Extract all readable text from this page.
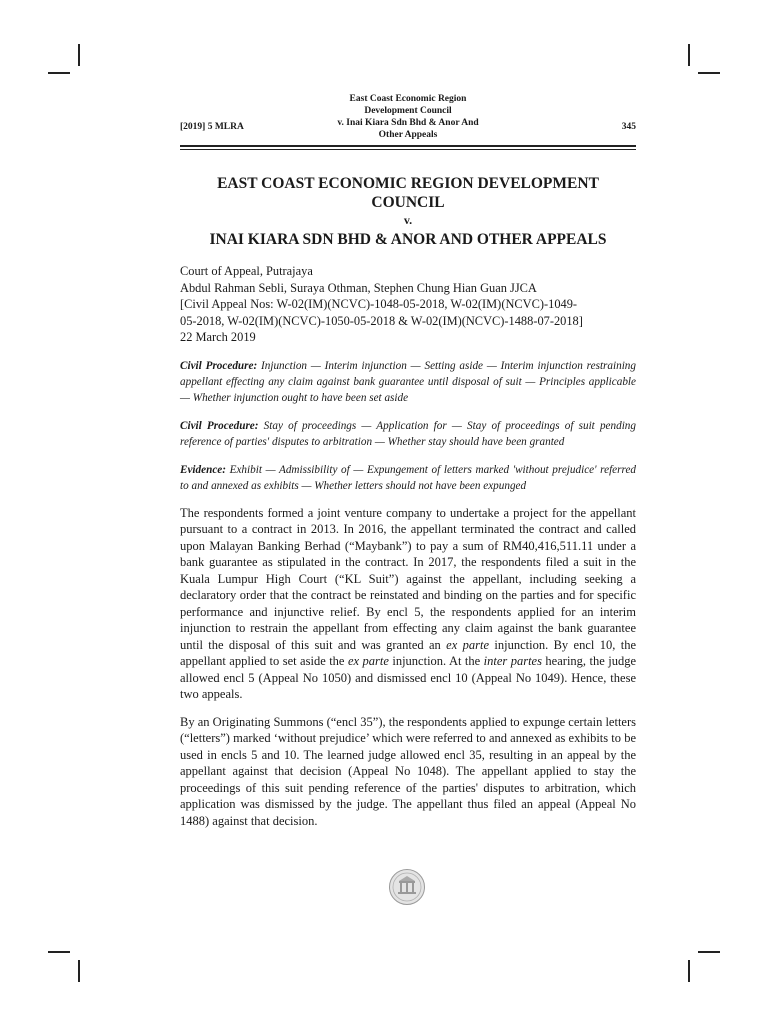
[2019] 5 MLRA
East Coast Economic Region
Development Council
v. Inai Kiara Sdn Bhd & Anor And
Other Appeals
345
EAST COAST ECONOMIC REGION DEVELOPMENT
COUNCIL
v.
INAI KIARA SDN BHD & ANOR AND OTHER APPEALS
Court of Appeal, Putrajaya
Abdul Rahman Sebli, Suraya Othman, Stephen Chung Hian Guan JJCA
[Civil Appeal Nos: W-02(IM)(NCVC)-1048-05-2018, W-02(IM)(NCVC)-1049-
05-2018, W-02(IM)(NCVC)-1050-05-2018 & W-02(IM)(NCVC)-1488-07-2018]
22 March 2019
Civil Procedure: Injunction — Interim injunction — Setting aside — Interim injunction restraining appellant effecting any claim against bank guarantee until disposal of suit — Principles applicable — Whether injunction ought to have been set aside
Civil Procedure: Stay of proceedings — Application for — Stay of proceedings of suit pending reference of parties' disputes to arbitration — Whether stay should have been granted
Evidence: Exhibit — Admissibility of — Expungement of letters marked 'without prejudice' referred to and annexed as exhibits — Whether letters should not have been expunged
The respondents formed a joint venture company to undertake a project for the appellant pursuant to a contract in 2013. In 2016, the appellant terminated the contract and called upon Malayan Banking Berhad (“Maybank”) to pay a sum of RM40,416,511.11 under a bank guarantee as stipulated in the contract. In 2017, the respondents filed a suit in the Kuala Lumpur High Court (“KL Suit”) against the appellant, including seeking a declaratory order that the contract be reinstated and binding on the parties and for specific performance and injunctive relief. By encl 5, the respondents applied for an interim injunction to restrain the appellant from effecting any claim against the bank guarantee until the disposal of this suit and was granted an ex parte injunction. By encl 10, the appellant applied to set aside the ex parte injunction. At the inter partes hearing, the judge allowed encl 5 (Appeal No 1050) and dismissed encl 10 (Appeal No 1049). Hence, these two appeals.
By an Originating Summons (“encl 35”), the respondents applied to expunge certain letters (“letters”) marked ‘without prejudice’ which were referred to and annexed as exhibits to be used in encls 5 and 10. The learned judge allowed encl 35, resulting in an appeal by the appellant against that decision (Appeal No 1048). The appellant applied to stay the proceedings of this suit pending reference of the parties' disputes to arbitration, which application was dismissed by the judge. The appellant thus filed an appeal (Appeal No 1488) against that decision.
